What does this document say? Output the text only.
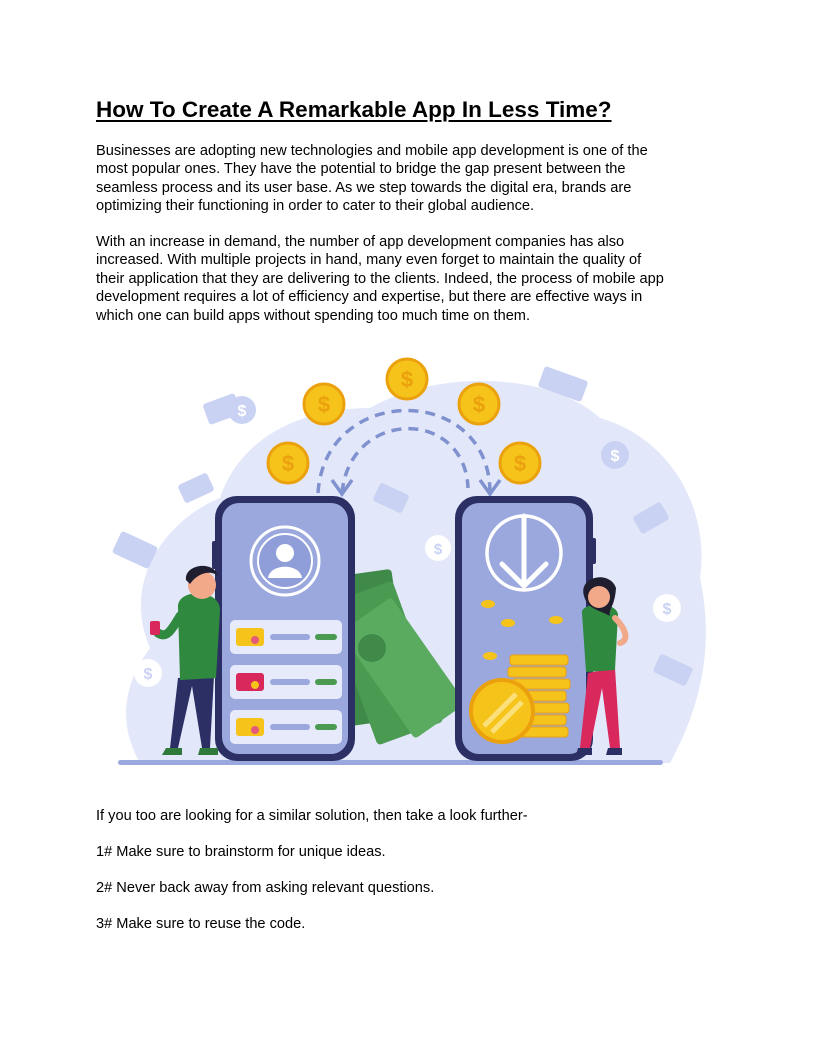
How To Create A Remarkable App In Less Time?

Businesses are adopting new technologies and mobile app development is one of the
most popular ones. They have the potential to bridge the gap present between the
seamless process and its user base. As we step towards the digital era, brands are
optimizing their functioning in order to cater to their global audience.

With an increase in demand, the number of app development companies has also
increased. With multiple projects in hand, many even forget to maintain the quality of
their application that they are delivering to the clients. Indeed, the process of mobile app
development requires a lot of efficiency and expertise, but there are effective ways in
which one can build apps without spending too much time on them.

$
$
$
$
$
$
$
$
$
$

If you too are looking for a similar solution, then take a look further-

1# Make sure to brainstorm for unique ideas.

2# Never back away from asking relevant questions.

3# Make sure to reuse the code.
